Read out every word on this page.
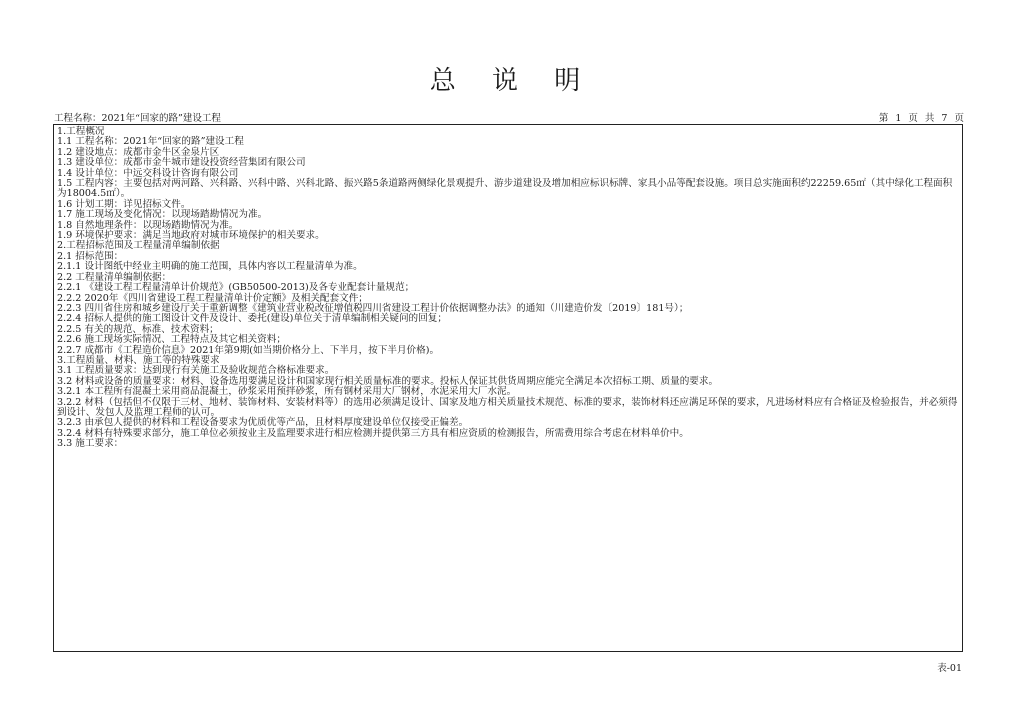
总 说 明
工程名称：2021年“回家的路”建设工程	第 1 页 共 7 页
1.工程概况
1.1 工程名称：2021年“回家的路”建设工程
1.2 建设地点：成都市金牛区金泉片区
1.3 建设单位：成都市金牛城市建设投资经营集团有限公司
1.4 设计单位：中远交科设计咨询有限公司
1.5 工程内容：主要包括对两河路、兴科路、兴科中路、兴科北路、振兴路5条道路两侧绿化景观提升、游步道建设及增加相应标识标牌、家具小品等配套设施。项目总实施面积约22259.65㎡（其中绿化工程面积为18004.5㎡）。
1.6 计划工期：详见招标文件。
1.7 施工现场及变化情况：以现场踏勘情况为准。
1.8 自然地理条件：以现场踏勘情况为准。
1.9 环境保护要求：满足当地政府对城市环境保护的相关要求。
2.工程招标范围及工程量清单编制依据
2.1 招标范围：
2.1.1 设计图纸中经业主明确的施工范围，具体内容以工程量清单为准。
2.2 工程量清单编制依据：
2.2.1 《建设工程工程量清单计价规范》(GB50500-2013)及各专业配套计量规范；
2.2.2 2020年《四川省建设工程工程量清单计价定额》及相关配套文件；
2.2.3 四川省住房和城乡建设厅关于重新调整《建筑业营业税改征增值税四川省建设工程计价依据调整办法》的通知（川建造价发〔2019〕181号）；
2.2.4 招标人提供的施工图设计文件及设计、委托(建设)单位关于清单编制相关疑问的回复；
2.2.5 有关的规范、标准、技术资料；
2.2.6 施工现场实际情况、工程特点及其它相关资料；
2.2.7 成都市《工程造价信息》2021年第9期(如当期价格分上、下半月，按下半月价格)。
3.工程质量、材料、施工等的特殊要求
3.1 工程质量要求：达到现行有关施工及验收规范合格标准要求。
3.2 材料或设备的质量要求：材料、设备选用要满足设计和国家现行相关质量标准的要求。投标人保证其供货周期应能完全满足本次招标工期、质量的要求。
3.2.1 本工程所有混凝土采用商品混凝土，砂浆采用预拌砂浆，所有钢材采用大厂钢材，水泥采用大厂水泥。
3.2.2 材料（包括但不仅限于三材、地材、装饰材料、安装材料等）的选用必须满足设计、国家及地方相关质量技术规范、标准的要求，装饰材料还应满足环保的要求，凡进场材料应有合格证及检验报告，并必须得到设计、发包人及监理工程师的认可。
3.2.3 由承包人提供的材料和工程设备要求为优质优等产品，且材料厚度建设单位仅接受正偏差。
3.2.4 材料有特殊要求部分，施工单位必须按业主及监理要求进行相应检测并提供第三方具有相应资质的检测报告，所需费用综合考虑在材料单价中。
3.3 施工要求：
表-01
